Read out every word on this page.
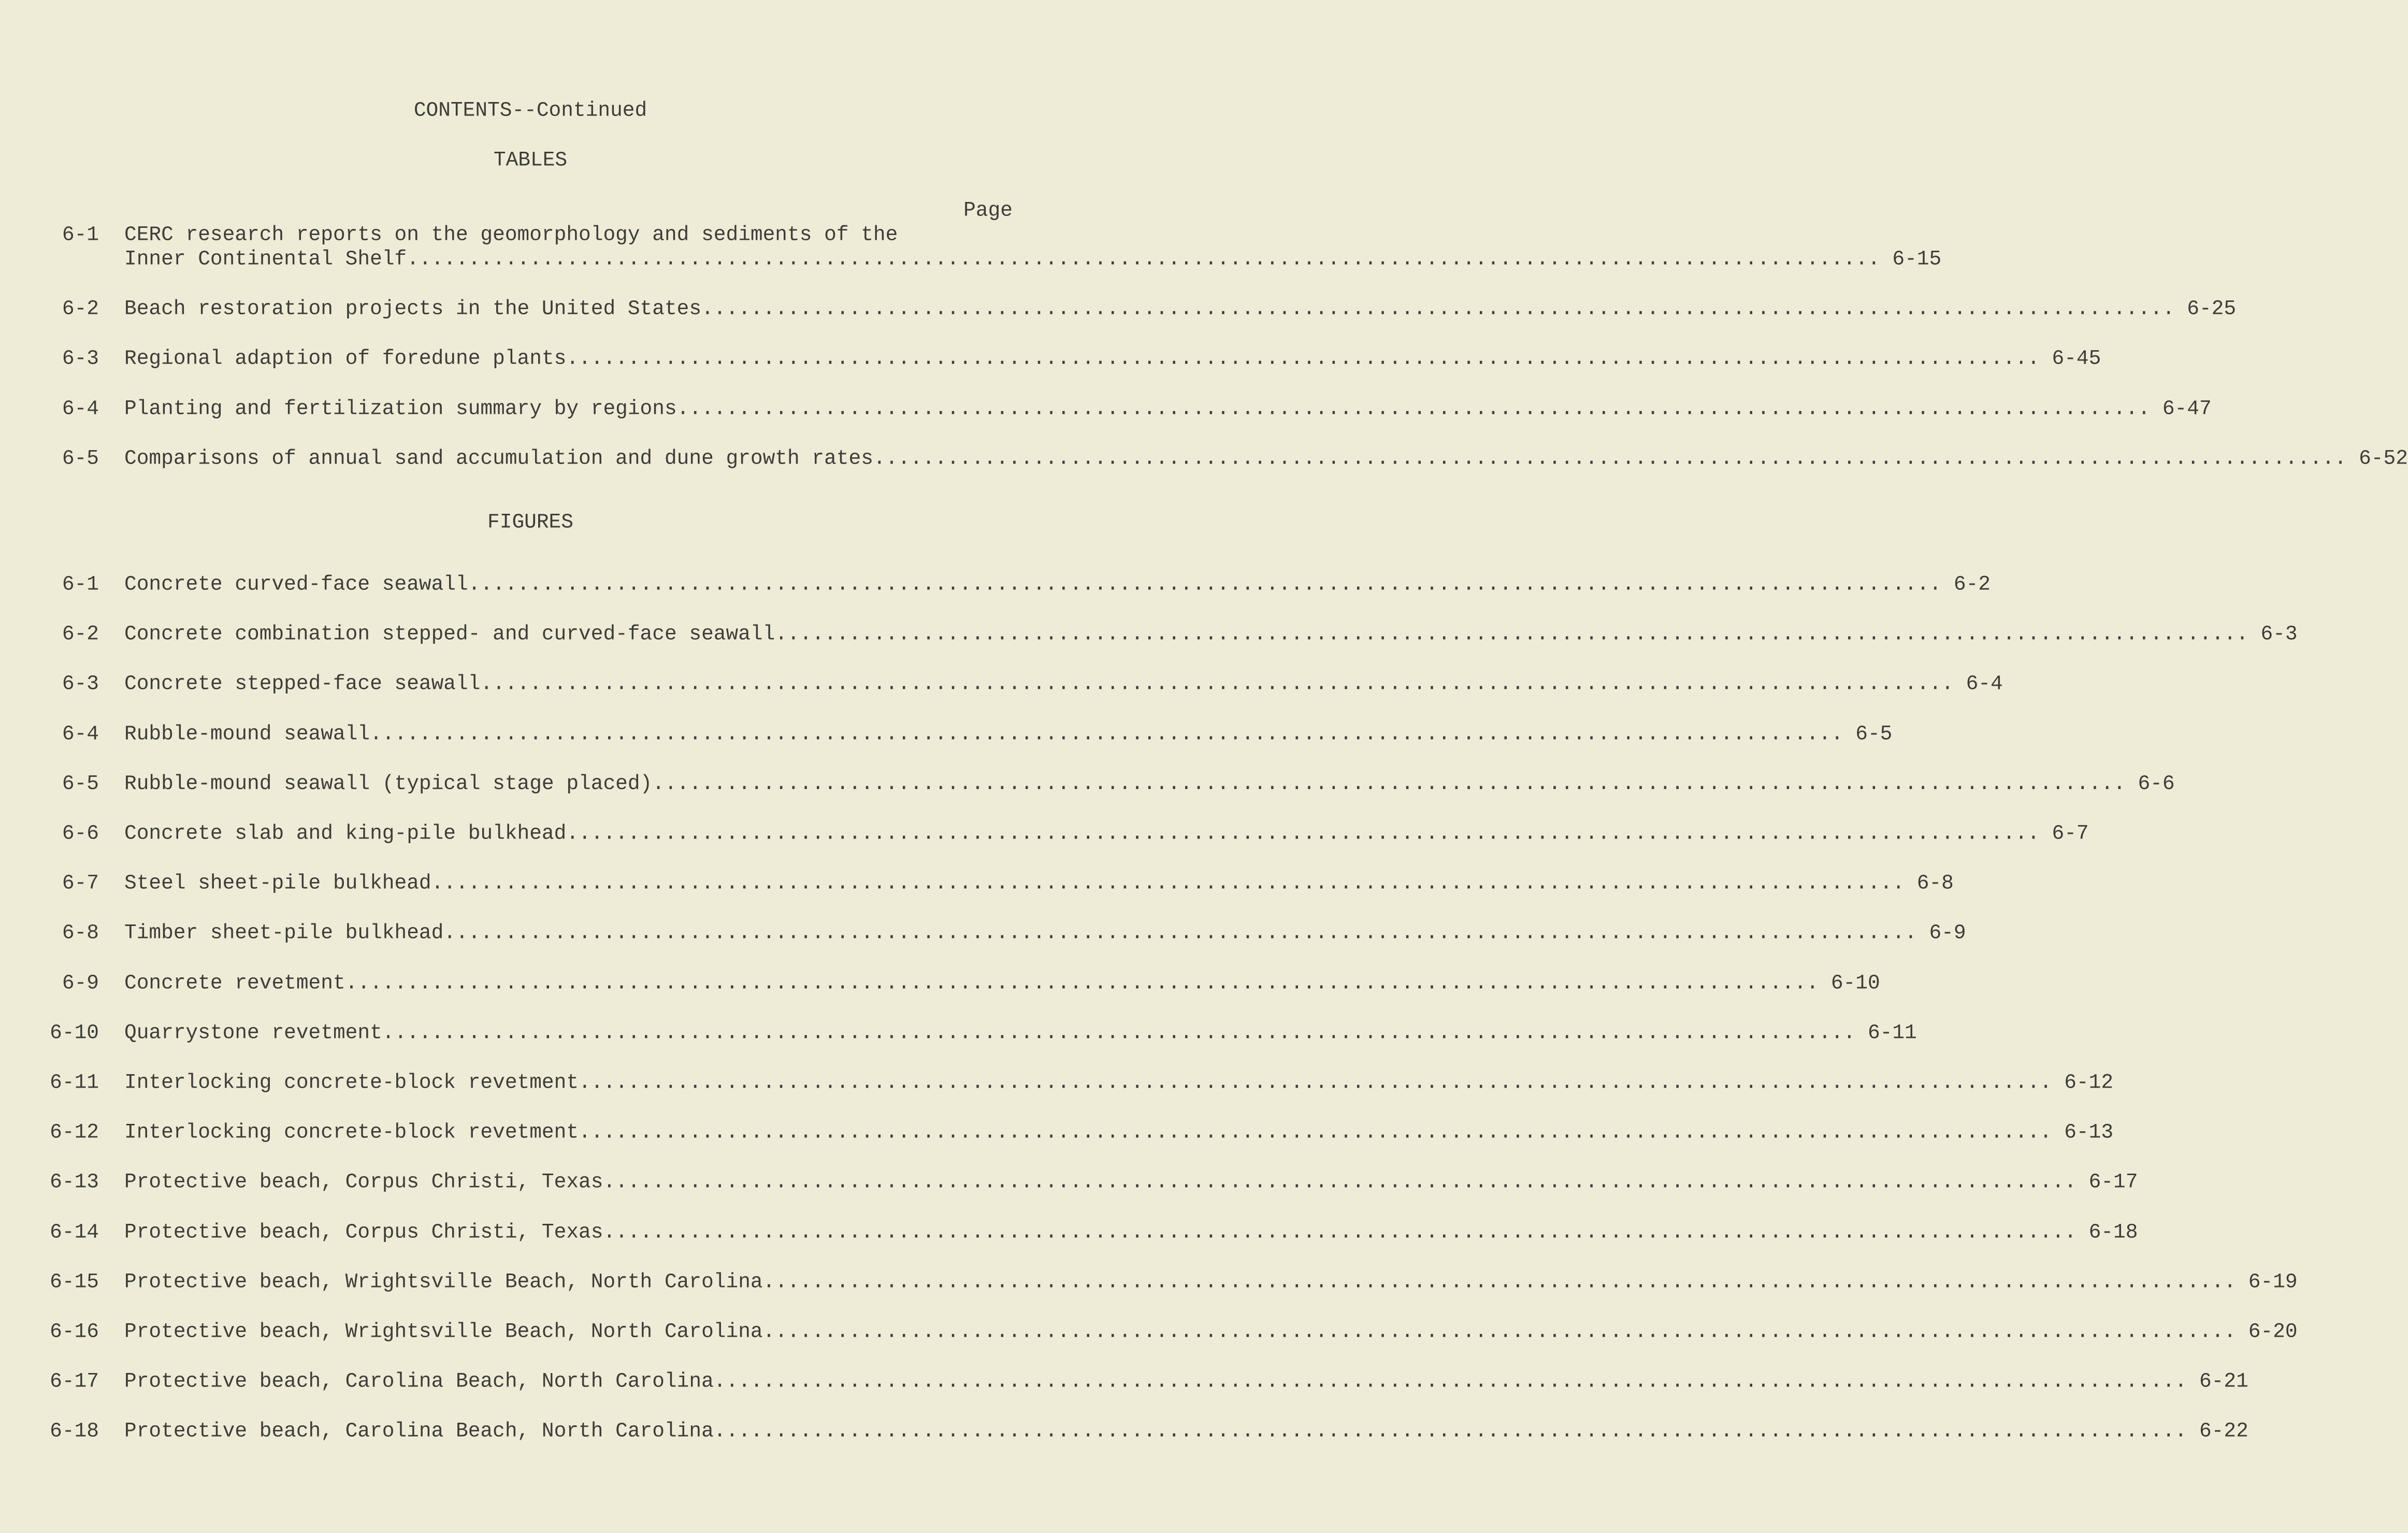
CONTENTS--Continued
TABLES
Page
FIGURES
6-1 CERC research reports on the geomorphology and sediments of the
Inner Continental Shelf ........................................................................................................................ 6-15
6-2 Beach restoration projects in the United States ........................................................................................................................ 6-25
6-3 Regional adaption of foredune plants ........................................................................................................................ 6-45
6-4 Planting and fertilization summary by regions ........................................................................................................................ 6-47
6-5 Comparisons of annual sand accumulation and dune growth rates ........................................................................................................................ 6-52
6-1 Concrete curved-face seawall ........................................................................................................................ 6-2
6-2 Concrete combination stepped- and curved-face seawall ........................................................................................................................ 6-3
6-3 Concrete stepped-face seawall ........................................................................................................................ 6-4
6-4 Rubble-mound seawall ........................................................................................................................ 6-5
6-5 Rubble-mound seawall (typical stage placed) ........................................................................................................................ 6-6
6-6 Concrete slab and king-pile bulkhead ........................................................................................................................ 6-7
6-7 Steel sheet-pile bulkhead ........................................................................................................................ 6-8
6-8 Timber sheet-pile bulkhead ........................................................................................................................ 6-9
6-9 Concrete revetment ........................................................................................................................ 6-10
6-10 Quarrystone revetment ........................................................................................................................ 6-11
6-11 Interlocking concrete-block revetment ........................................................................................................................ 6-12
6-12 Interlocking concrete-block revetment ........................................................................................................................ 6-13
6-13 Protective beach, Corpus Christi, Texas ........................................................................................................................ 6-17
6-14 Protective beach, Corpus Christi, Texas ........................................................................................................................ 6-18
6-15 Protective beach, Wrightsville Beach, North Carolina ........................................................................................................................ 6-19
6-16 Protective beach, Wrightsville Beach, North Carolina ........................................................................................................................ 6-20
6-17 Protective beach, Carolina Beach, North Carolina ........................................................................................................................ 6-21
6-18 Protective beach, Carolina Beach, North Carolina ........................................................................................................................ 6-22
